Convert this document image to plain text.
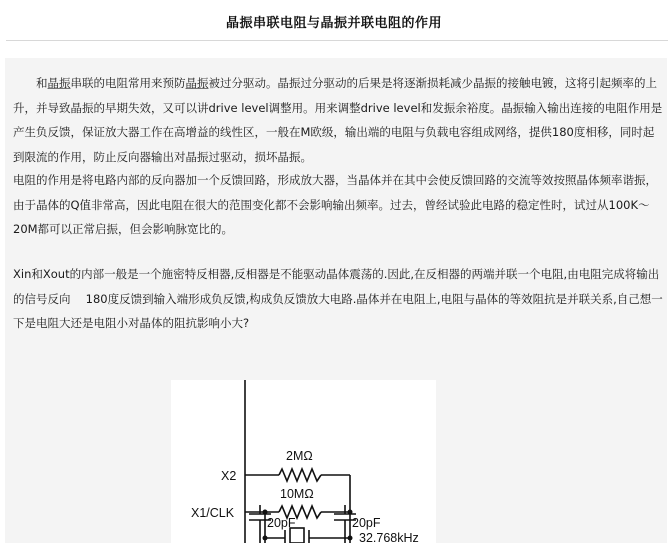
晶振串联电阻与晶振并联电阻的作用

和晶振串联的电阻常用来预防晶振被过分驱动。晶振过分驱动的后果是将逐渐损耗减少晶振的接触电镀，这将引起频率的上升，并导致晶振的早期失效，又可以讲drive level调整用。用来调整drive level和发振余裕度。晶振输入输出连接的电阻作用是产生负反馈，保证放大器工作在高增益的线性区，一般在M欧级，输出端的电阻与负载电容组成网络，提供180度相移，同时起到限流的作用，防止反向器输出对晶振过驱动，损坏晶振。

电阻的作用是将电路内部的反向器加一个反馈回路，形成放大器，当晶体并在其中会使反馈回路的交流等效按照晶体频率谐振，由于晶体的Q值非常高，因此电阻在很大的范围变化都不会影响输出频率。过去，曾经试验此电路的稳定性时，试过从100K～20M都可以正常启振，但会影响脉宽比的。

Xin和Xout的内部一般是一个施密特反相器,反相器是不能驱动晶体震荡的.因此,在反相器的两端并联一个电阻,由电阻完成将输出的信号反向　 180度反馈到输入端形成负反馈,构成负反馈放大电路.晶体并在电阻上,电阻与晶体的等效阻抗是并联关系,自己想一下是电阻大还是电阻小对晶体的阻抗影响小大?

X2
X1/CLK
2MΩ
10MΩ
32.768kHz
20pF	20pF
